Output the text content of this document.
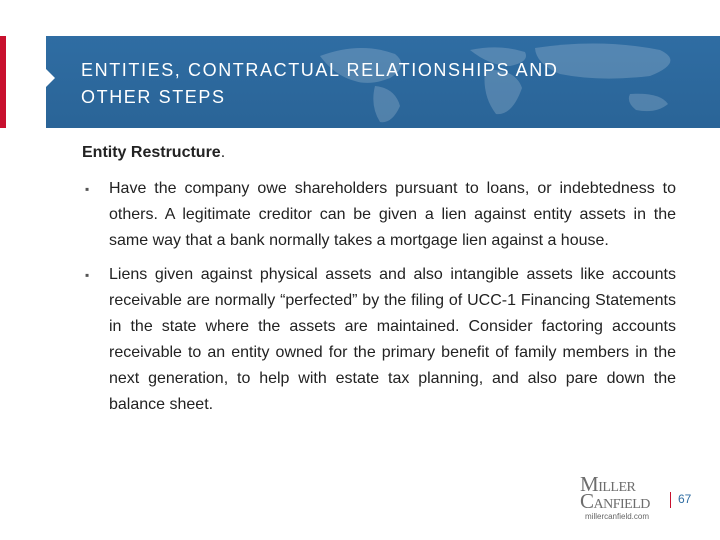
ENTITIES, CONTRACTUAL RELATIONSHIPS AND
OTHER STEPS

Entity Restructure.

▪ Have the company owe shareholders pursuant to loans, or indebtedness to others. A legitimate creditor can be given a lien against entity assets in the same way that a bank normally takes a mortgage lien against a house.

▪ Liens given against physical assets and also intangible assets like accounts receivable are normally “perfected” by the filing of UCC-1 Financing Statements in the state where the assets are maintained. Consider factoring accounts receivable to an entity owned for the primary benefit of family members in the next generation, to help with estate tax planning, and also pare down the balance sheet.

MILLER
CANFIELD
millercanfield.com
67
